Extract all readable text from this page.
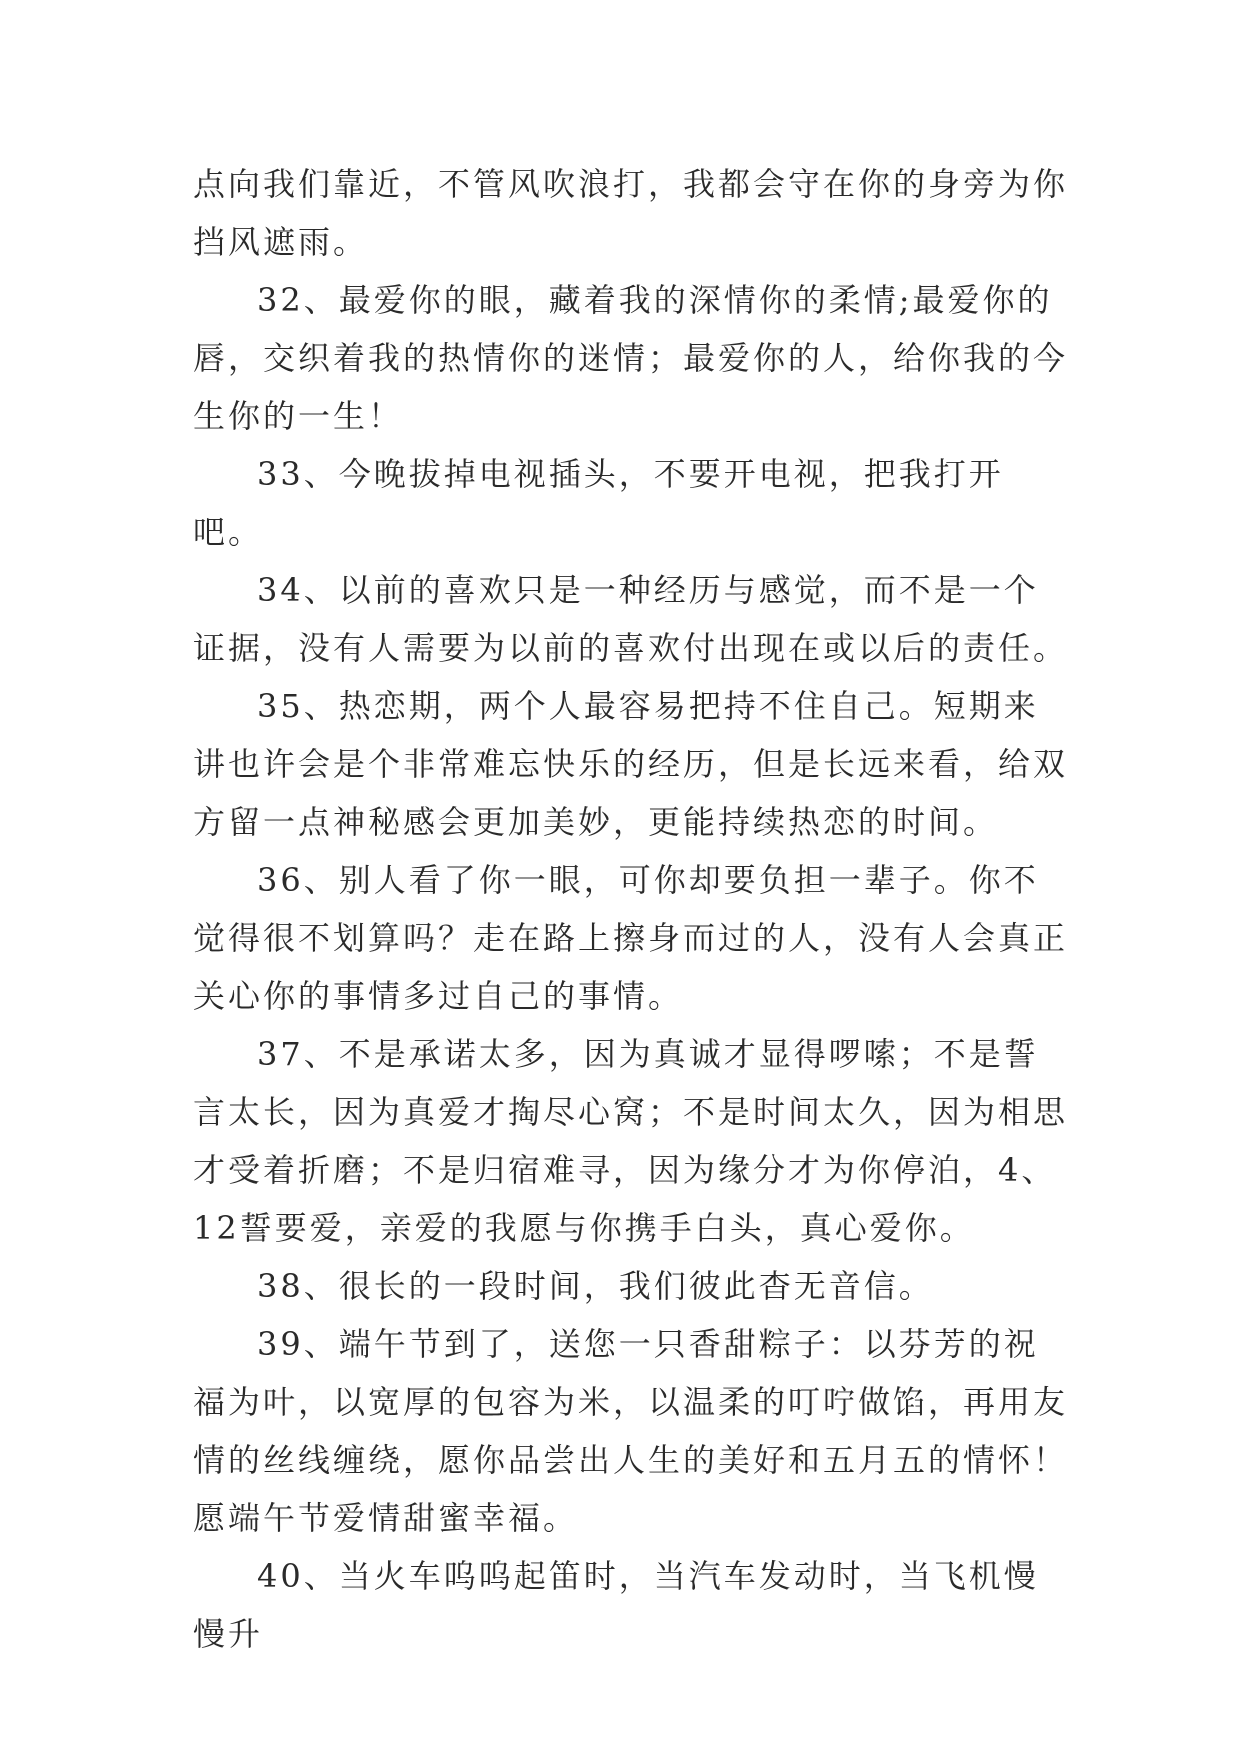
点向我们靠近，不管风吹浪打，我都会守在你的身旁为你挡风遮雨。

32、最爱你的眼，藏着我的深情你的柔情;最爱你的唇，交织着我的热情你的迷情；最爱你的人，给你我的今生你的一生！

33、今晚拔掉电视插头，不要开电视，把我打开吧。

34、以前的喜欢只是一种经历与感觉，而不是一个证据，没有人需要为以前的喜欢付出现在或以后的责任。

35、热恋期，两个人最容易把持不住自己。短期来讲也许会是个非常难忘快乐的经历，但是长远来看，给双方留一点神秘感会更加美妙，更能持续热恋的时间。

36、别人看了你一眼，可你却要负担一辈子。你不觉得很不划算吗？走在路上擦身而过的人，没有人会真正关心你的事情多过自己的事情。

37、不是承诺太多，因为真诚才显得啰嗦；不是誓言太长，因为真爱才掏尽心窝；不是时间太久，因为相思才受着折磨；不是归宿难寻，因为缘分才为你停泊，4、12誓要爱，亲爱的我愿与你携手白头，真心爱你。

38、很长的一段时间，我们彼此杳无音信。

39、端午节到了，送您一只香甜粽子：以芬芳的祝福为叶，以宽厚的包容为米，以温柔的叮咛做馅，再用友情的丝线缠绕，愿你品尝出人生的美好和五月五的情怀！愿端午节爱情甜蜜幸福。

40、当火车呜呜起笛时，当汽车发动时，当飞机慢慢升
